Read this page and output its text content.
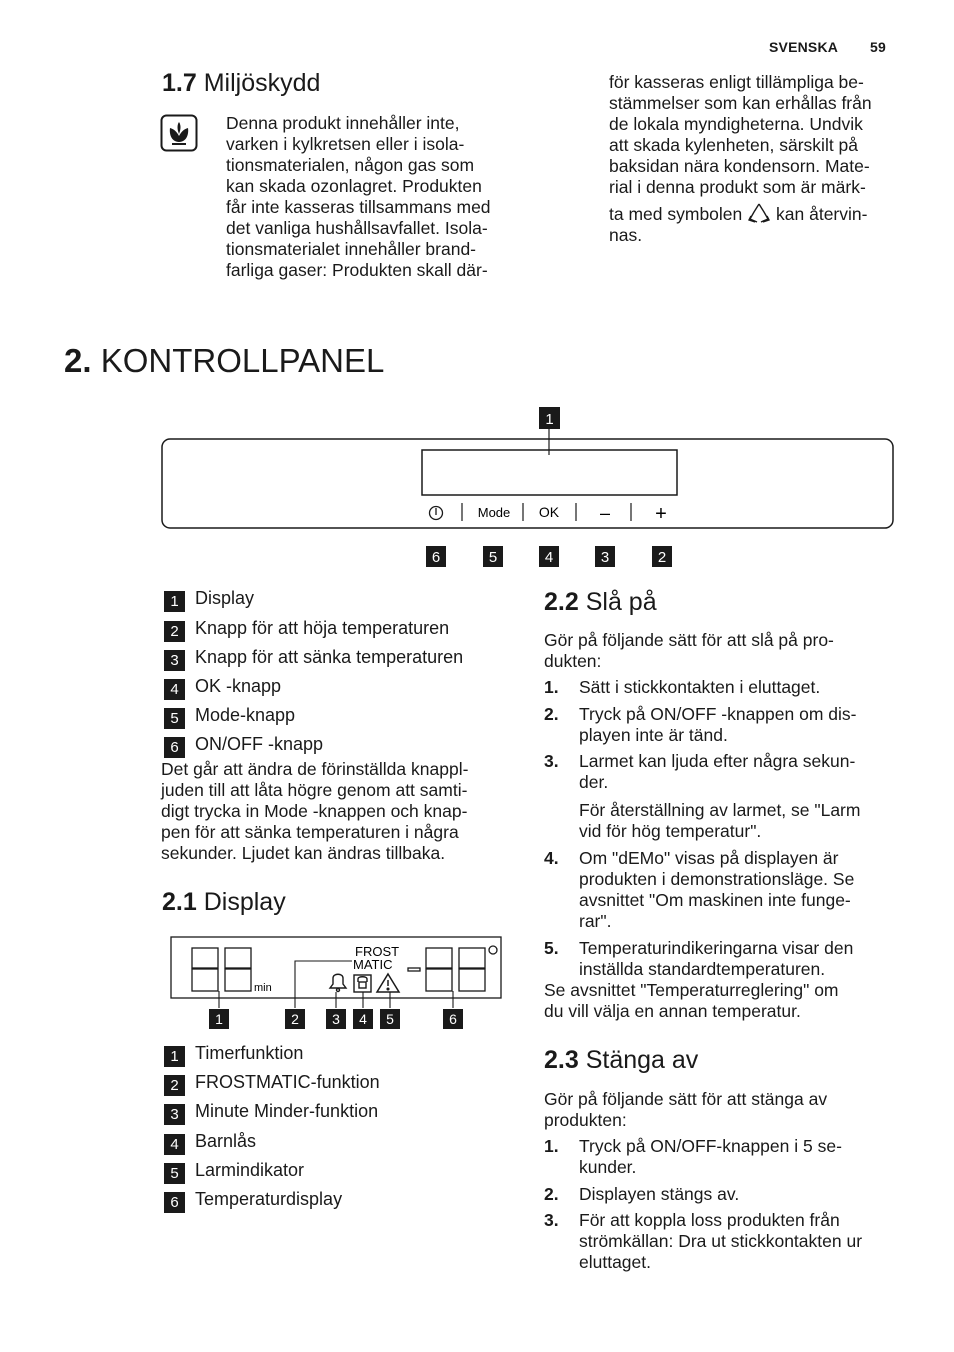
SVENSKA 59
1.7 Miljöskydd
Denna produkt innehåller inte,
varken i kylkretsen eller i isola-
tionsmaterialen, någon gas som
kan skada ozonlagret. Produkten
får inte kasseras tillsammans med
det vanliga hushållsavfallet. Isola-
tionsmaterialet innehåller brand-
farliga gaser: Produkten skall där-
för kasseras enligt tillämpliga be-
stämmelser som kan erhållas från
de lokala myndigheterna. Undvik
att skada kylenheten, särskilt på
baksidan nära kondensorn. Mate-
rial i denna produkt som är märk-
ta med symbolen kan återvin-
nas.
2. KONTROLLPANEL
1
Mode OK – +
6	5	4	3	2
1 Display
2 Knapp för att höja temperaturen
3 Knapp för att sänka temperaturen
4 OK -knapp
5 Mode-knapp
6 ON/OFF -knapp
Det går att ändra de förinställda knappl-
juden till att låta högre genom att samti-
digt trycka in Mode -knappen och knap-
pen för att sänka temperaturen i några
sekunder. Ljudet kan ändras tillbaka.
2.1 Display
min
FROST
MATIC
1	2 3 4 5	6
1 Timerfunktion
2 FROSTMATIC-funktion
3 Minute Minder-funktion
4 Barnlås
5 Larmindikator
6 Temperaturdisplay
2.2 Slå på
Gör på följande sätt för att slå på pro-
dukten:
1. Sätt i stickkontakten i eluttaget.
2. Tryck på ON/OFF -knappen om dis-
playen inte är tänd.
3. Larmet kan ljuda efter några sekun-
der.
För återställning av larmet, se "Larm
vid för hög temperatur".
4. Om "dEMo" visas på displayen är
produkten i demonstrationsläge. Se
avsnittet "Om maskinen inte funge-
rar".
5. Temperaturindikeringarna visar den
inställda standardtemperaturen.
Se avsnittet "Temperaturreglering" om
du vill välja en annan temperatur.
2.3 Stänga av
Gör på följande sätt för att stänga av
produkten:
1. Tryck på ON/OFF-knappen i 5 se-
kunder.
2. Displayen stängs av.
3. För att koppla loss produkten från
strömkällan: Dra ut stickkontakten ur
eluttaget.
